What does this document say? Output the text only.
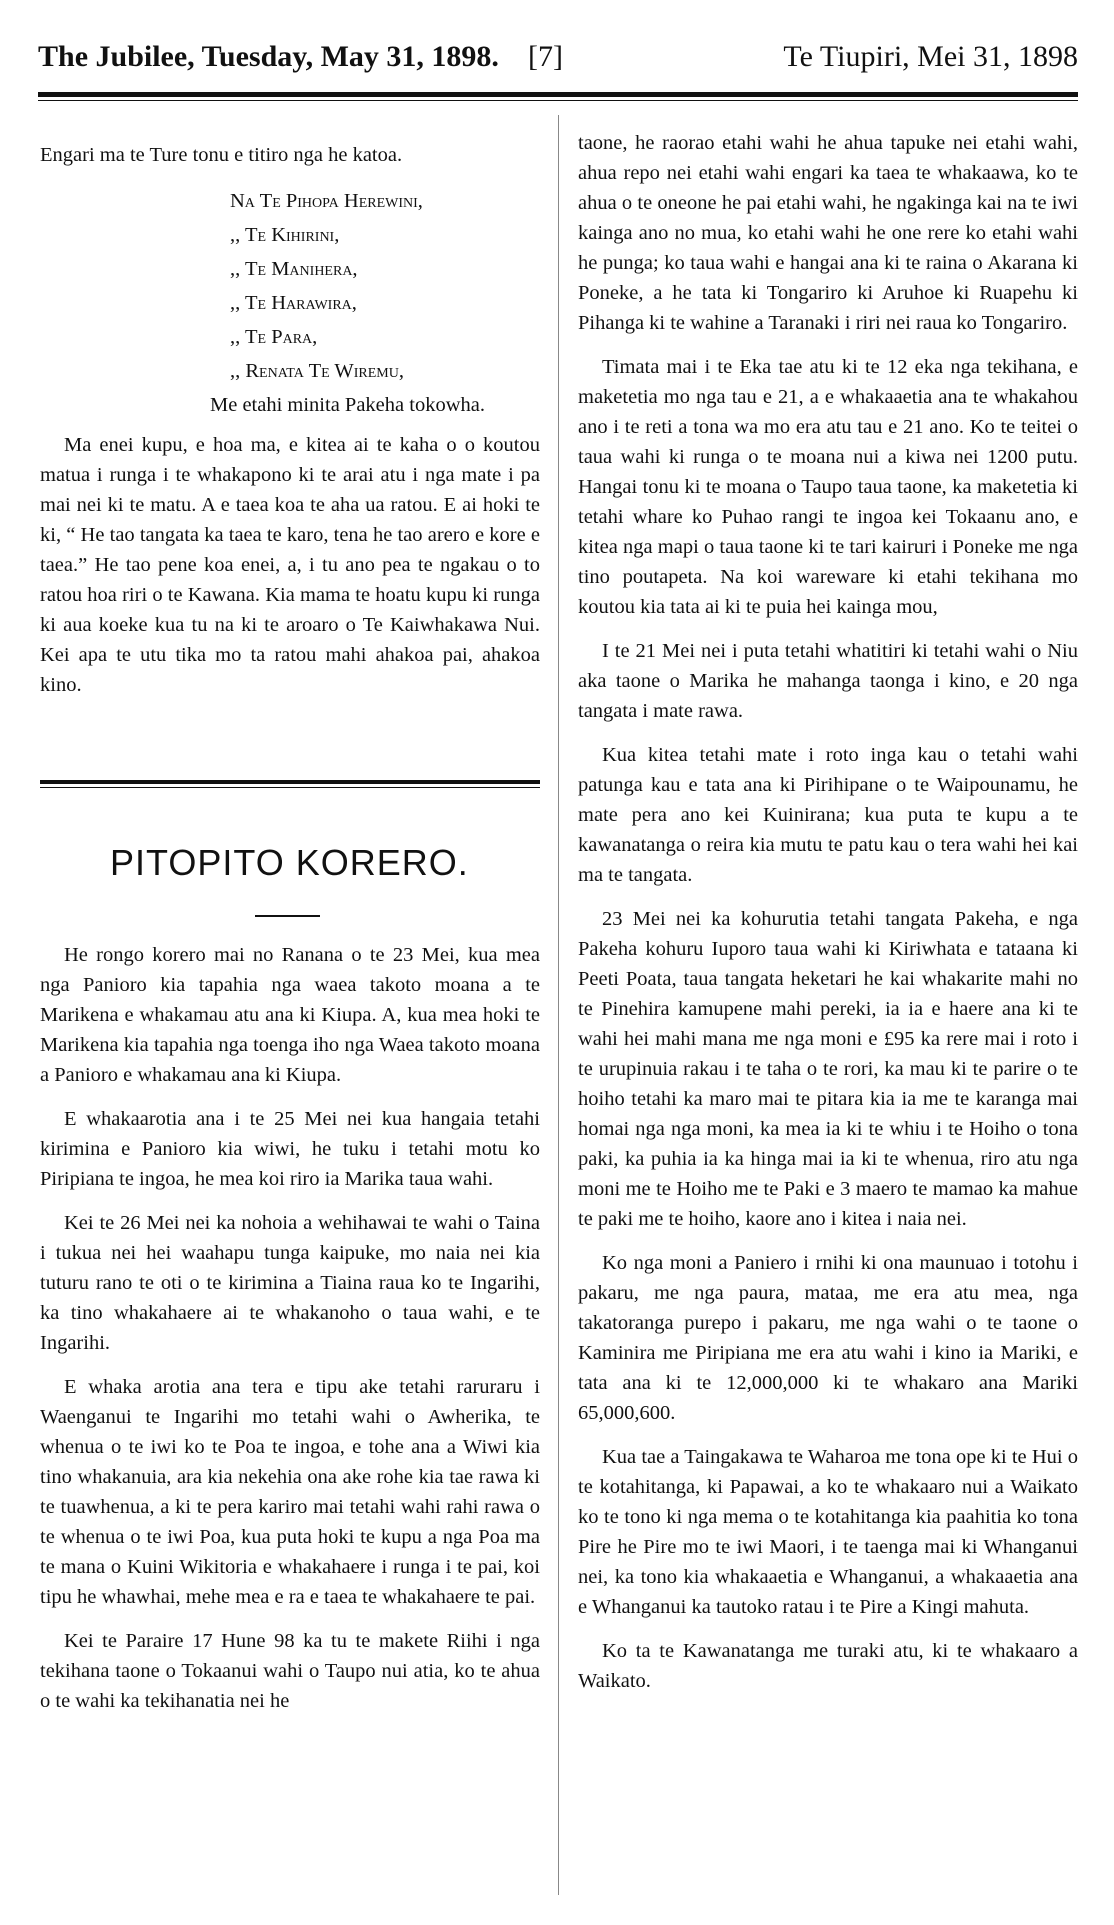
The Jubilee, Tuesday, May 31, 1898. [7]	Te Tiupiri, Mei 31, 1898

Engari ma te Ture tonu e titiro nga he katoa.

Na Te Pihopa Herewini,
,, Te Kihirini,
,, Te Manihera,
,, Te Harawira,
,, Te Para,
,, Renata Te Wiremu,
Me etahi minita Pakeha tokowha.

Ma enei kupu, e hoa ma, e kitea ai te kaha o o koutou matua i runga i te whakapono ki te arai atu i nga mate i pa mai nei ki te matu. A e taea koa te aha ua ratou. E ai hoki te ki, “ He tao tangata ka taea te karo, tena he tao arero e kore e taea.” He tao pene koa enei, a, i tu ano pea te ngakau o to ratou hoa riri o te Kawana. Kia mama te hoatu kupu ki runga ki aua koeke kua tu na ki te aroaro o Te Kaiwhakawa Nui. Kei apa te utu tika mo ta ratou mahi ahakoa pai, ahakoa kino.

PITOPITO KORERO.

He rongo korero mai no Ranana o te 23 Mei, kua mea nga Panioro kia tapahia nga waea takoto moana a te Marikena e whakamau atu ana ki Kiupa. A, kua mea hoki te Marikena kia tapahia nga toenga iho nga Waea takoto moana a Panioro e whakamau ana ki Kiupa.

E whakaarotia ana i te 25 Mei nei kua hangaia tetahi kirimina e Panioro kia wiwi, he tuku i tetahi motu ko Piripiana te ingoa, he mea koi riro ia Marika taua wahi.

Kei te 26 Mei nei ka nohoia a wehihawai te wahi o Taina i tukua nei hei waahapu tunga kaipuke, mo naia nei kia tuturu rano te oti o te kirimina a Tiaina raua ko te Ingarihi, ka tino whakahaere ai te whakanoho o taua wahi, e te Ingarihi.

E whaka arotia ana tera e tipu ake tetahi raruraru i Waenganui te Ingarihi mo tetahi wahi o Awherika, te whenua o te iwi ko te Poa te ingoa, e tohe ana a Wiwi kia tino whakanuia, ara kia nekehia ona ake rohe kia tae rawa ki te tuawhenua, a ki te pera kariro mai tetahi wahi rahi rawa o te whenua o te iwi Poa, kua puta hoki te kupu a nga Poa ma te mana o Kuini Wikitoria e whakahaere i runga i te pai, koi tipu he whawhai, mehe mea e ra e taea te whakahaere te pai.

Kei te Paraire 17 Hune 98 ka tu te makete Riihi i nga tekihana taone o Tokaanui wahi o Taupo nui atia, ko te ahua o te wahi ka tekihanatia nei he

taone, he raorao etahi wahi he ahua tapuke nei etahi wahi, ahua repo nei etahi wahi engari ka taea te whakaawa, ko te ahua o te oneone he pai etahi wahi, he ngakinga kai na te iwi kainga ano no mua, ko etahi wahi he one rere ko etahi wahi he punga; ko taua wahi e hangai ana ki te raina o Akarana ki Poneke, a he tata ki Tongariro ki Aruhoe ki Ruapehu ki Pihanga ki te wahine a Taranaki i riri nei raua ko Tongariro.

Timata mai i te Eka tae atu ki te 12 eka nga tekihana, e maketetia mo nga tau e 21, a e whakaaetia ana te whakahou ano i te reti a tona wa mo era atu tau e 21 ano. Ko te teitei o taua wahi ki runga o te moana nui a kiwa nei 1200 putu. Hangai tonu ki te moana o Taupo taua taone, ka maketetia ki tetahi whare ko Puhao rangi te ingoa kei Tokaanu ano, e kitea nga mapi o taua taone ki te tari kairuri i Poneke me nga tino poutapeta. Na koi wareware ki etahi tekihana mo koutou kia tata ai ki te puia hei kainga mou,

I te 21 Mei nei i puta tetahi whatitiri ki tetahi wahi o Niu aka taone o Marika he mahanga taonga i kino, e 20 nga tangata i mate rawa.

Kua kitea tetahi mate i roto inga kau o tetahi wahi patunga kau e tata ana ki Pirihipane o te Waipounamu, he mate pera ano kei Kuinirana; kua puta te kupu a te kawanatanga o reira kia mutu te patu kau o tera wahi hei kai ma te tangata.

23 Mei nei ka kohurutia tetahi tangata Pakeha, e nga Pakeha kohuru Iuporo taua wahi ki Kiriwhata e tataana ki Peeti Poata, taua tangata heketari he kai whakarite mahi no te Pinehira kamupene mahi pereki, ia ia e haere ana ki te wahi hei mahi mana me nga moni e £95 ka rere mai i roto i te urupinuia rakau i te taha o te rori, ka mau ki te parire o te hoiho tetahi ka maro mai te pitara kia ia me te karanga mai homai nga nga moni, ka mea ia ki te whiu i te Hoiho o tona paki, ka puhia ia ka hinga mai ia ki te whenua, riro atu nga moni me te Hoiho me te Paki e 3 maero te mamao ka mahue te paki me te hoiho, kaore ano i kitea i naia nei.

Ko nga moni a Paniero i rnihi ki ona maunuao i totohu i pakaru, me nga paura, mataa, me era atu mea, nga takatoranga purepo i pakaru, me nga wahi o te taone o Kaminira me Piripiana me era atu wahi i kino ia Mariki, e tata ana ki te 12,000,000 ki te whakaro ana Mariki 65,000,600.

Kua tae a Taingakawa te Waharoa me tona ope ki te Hui o te kotahitanga, ki Papawai, a ko te whakaaro nui a Waikato ko te tono ki nga mema o te kotahitanga kia paahitia ko tona Pire he Pire mo te iwi Maori, i te taenga mai ki Whanganui nei, ka tono kia whakaaetia e Whanganui, a whakaaetia ana e Whanganui ka tautoko ratau i te Pire a Kingi mahuta.

Ko ta te Kawanatanga me turaki atu, ki te whakaaro a Waikato.
